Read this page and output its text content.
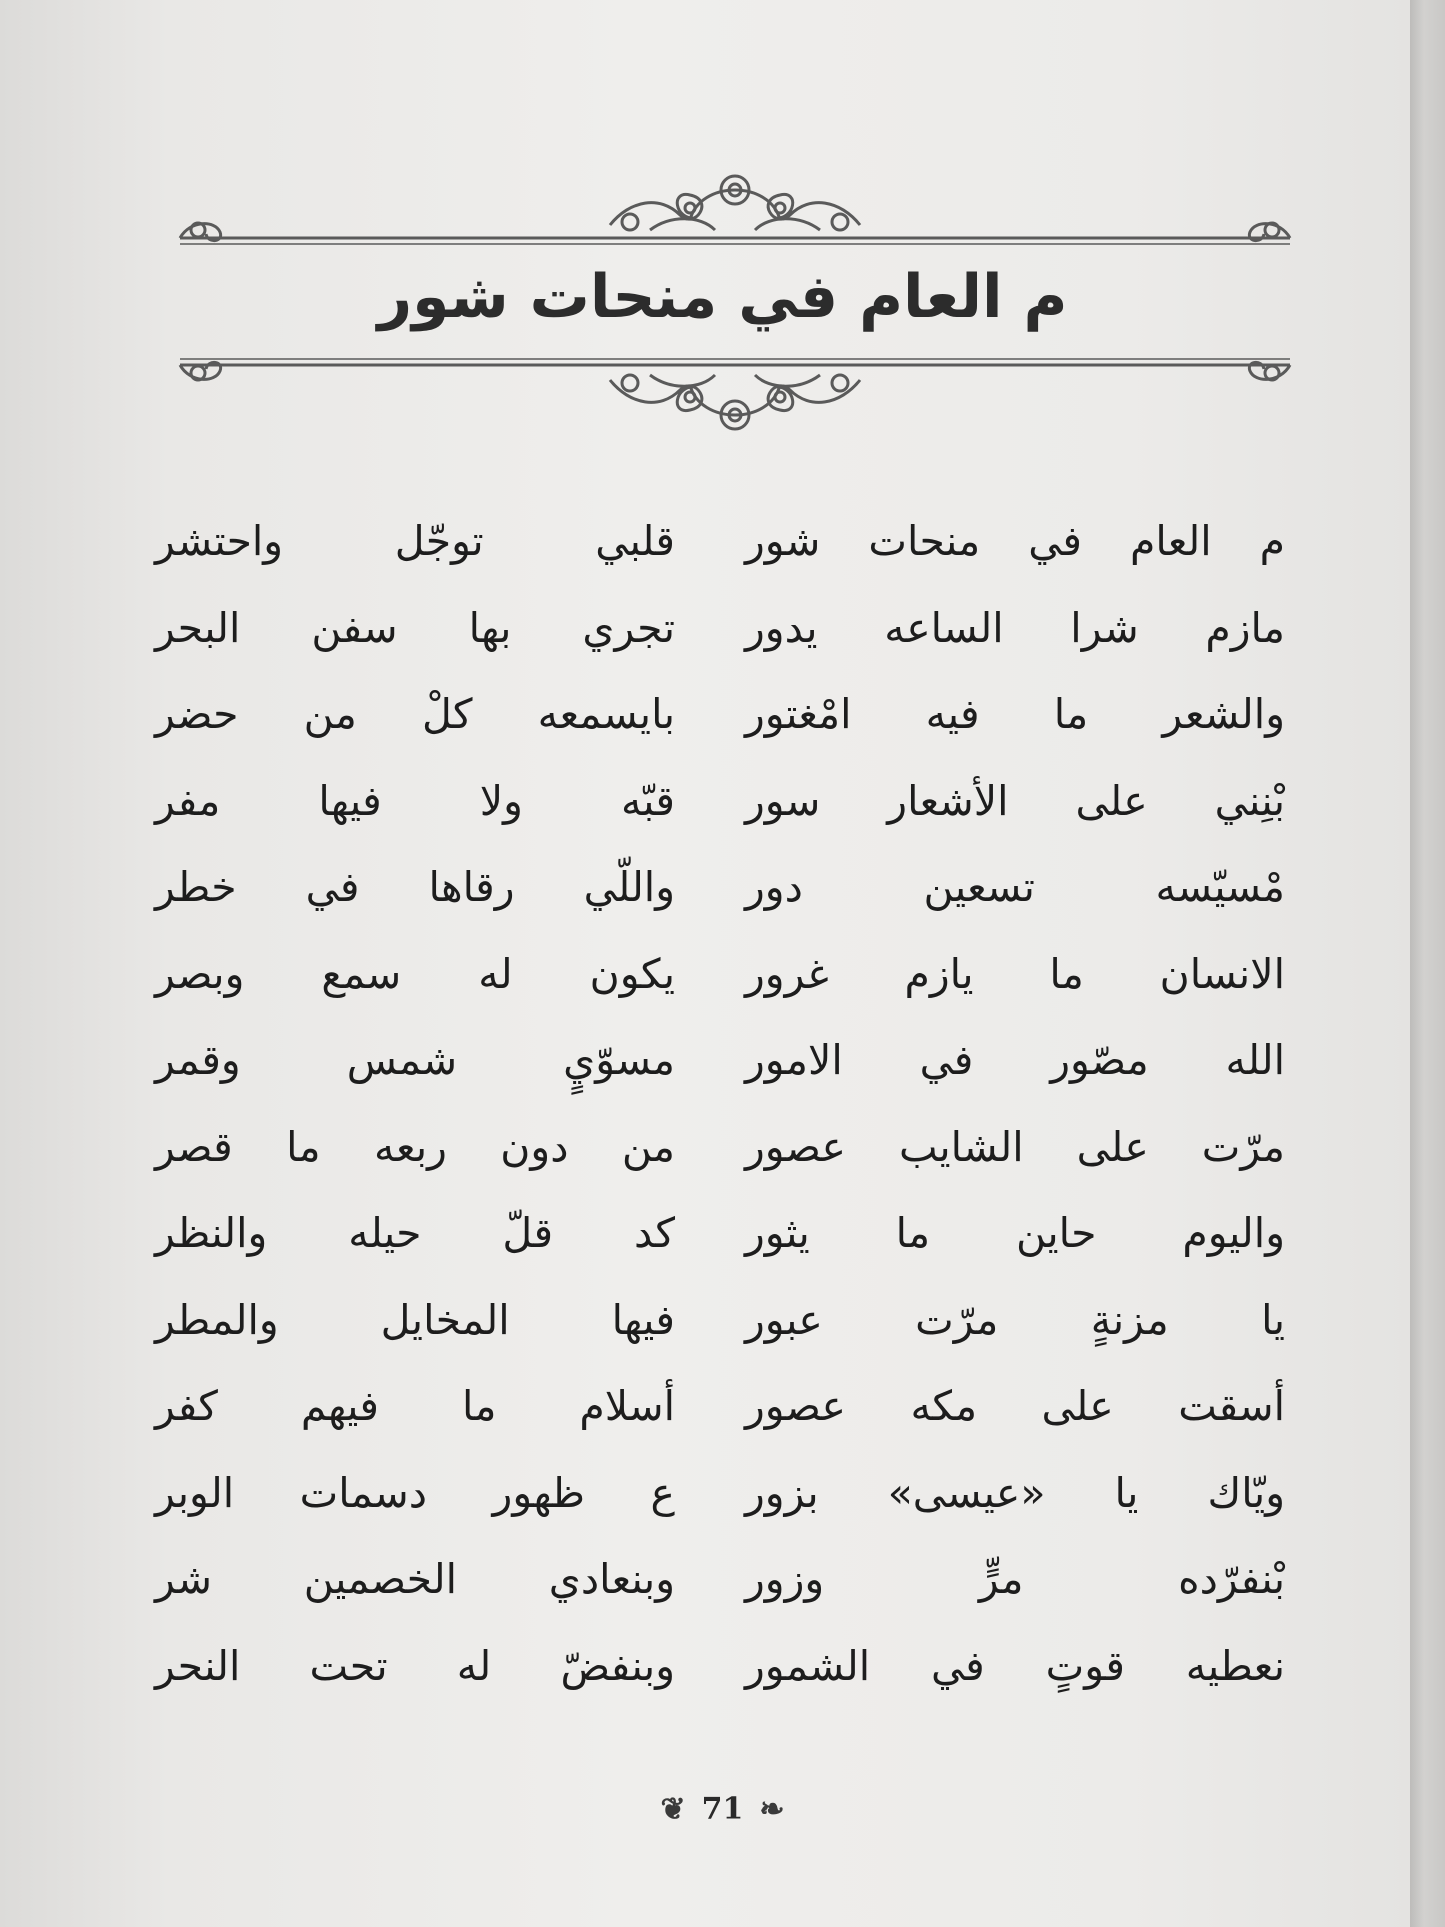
م العام في منحات شور
م العام في منحات شور
مازم شرا الساعه يدور
والشعر ما فيه امْغتور
بْنِني على الأشعار سور
مْسيّسه تسعين دور
الانسان ما يازم غرور
الله مصّور في الامور
مرّت على الشايب عصور
واليوم حاين ما يثور
يا مزنةٍ مرّت عبور
أسقت على مكه عصور
ويّاك يا «عيسى» بزور
بْنفرّده مرٍّ وزور
نعطيه قوتٍ في الشمور
قلبي توجّل واحتشر
تجري بها سفن البحر
بايسمعه كلْ من حضر
قبّه ولا فيها مفر
واللّي رقاها في خطر
يكون له سمع وبصر
مسوّيٍ شمس وقمر
من دون ربعه ما قصر
كد قلّ حيله والنظر
فيها المخايل والمطر
أسلام ما فيهم كفر
ع ظهور دسمات الوبر
وبنعادي الخصمين شر
وبنفضّ له تحت النحر
❦ 71 ❧
